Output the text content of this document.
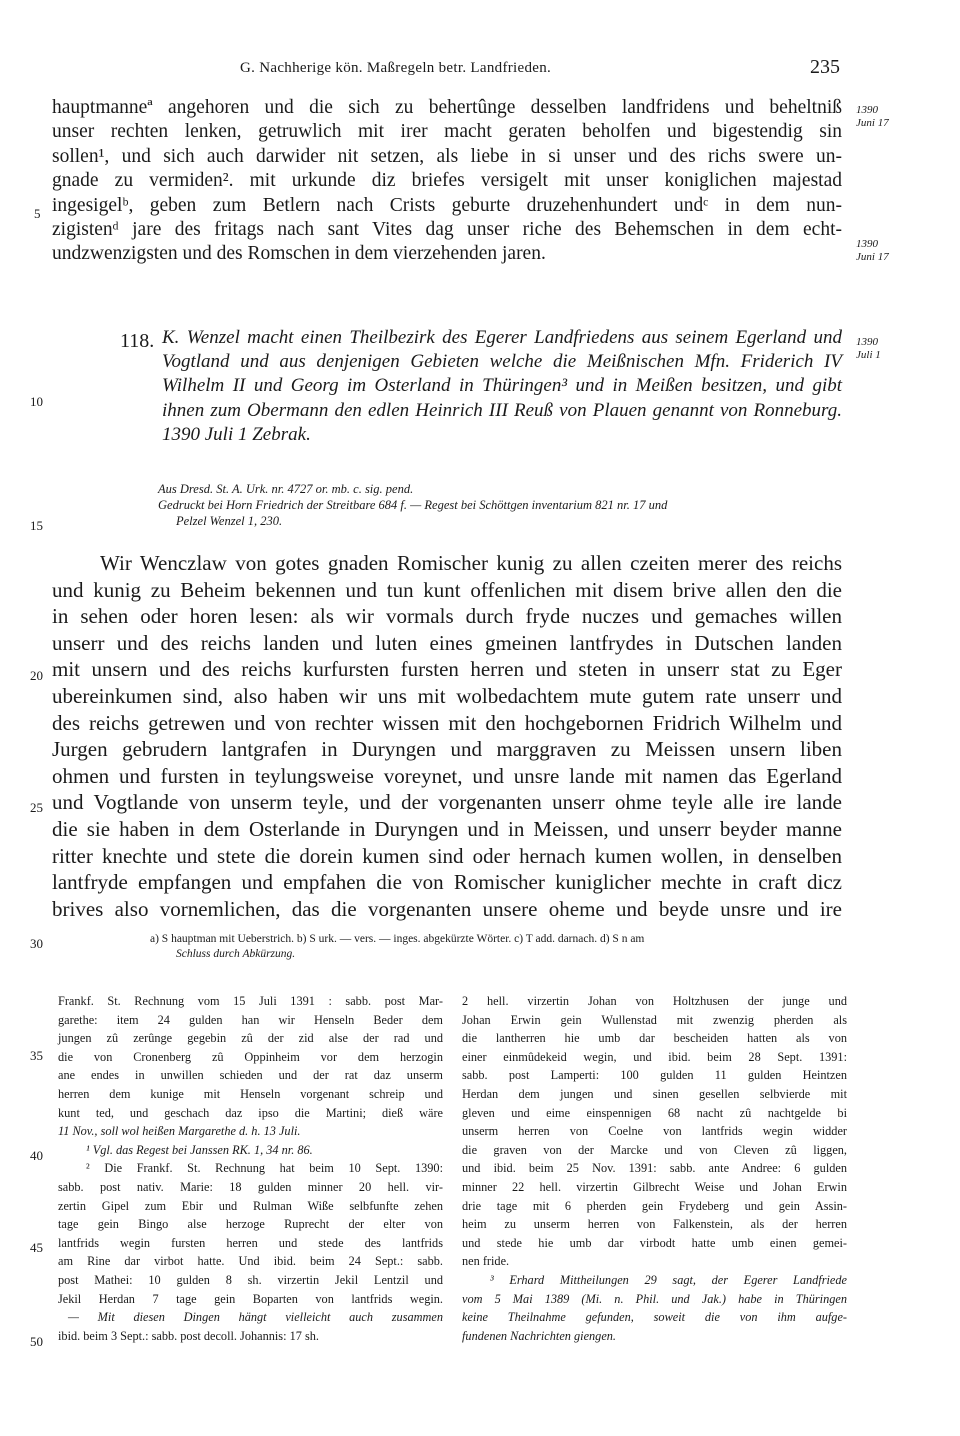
G. Nachherige kön. Maßregeln betr. Landfrieden.	235
hauptmanneª angehoren und die sich zu behertûnge desselben landfridens und beheltniß
unser rechten lenken, getruwlich mit irer macht geraten beholfen und bigestendig sin
sollen¹, und sich auch darwider nit setzen, als liebe in si unser und des richs swere un-
gnade zu vermiden². mit urkunde diz briefes versigelt mit unser koniglichen majestad
ingesigelᵇ, geben zum Betlern nach Crists geburte druzehenhundert undᶜ in dem nun-
zigistenᵈ jare des fritags nach sant Vites dag unser riche des Behemschen in dem echt-
undzwenzigsten und des Romschen in dem vierzehenden jaren.
1390
Juni 17
1390
Juni 17
1390
Juli 1
5
10
15
20
25
30
35
40
45
50
118. K. Wenzel macht einen Theilbezirk des Egerer Landfriedens aus seinem Egerland und
Vogtland und aus denjenigen Gebieten welche die Meißnischen Mfn. Friderich IV
Wilhelm II und Georg im Osterland in Thüringen³ und in Meißen besitzen, und gibt
ihnen zum Obermann den edlen Heinrich III Reuß von Plauen genannt von Ronneburg.
1390 Juli 1 Zebrak.
Aus Dresd. St. A. Urk. nr. 4727 or. mb. c. sig. pend.
Gedruckt bei Horn Friedrich der Streitbare 684 f. — Regest bei Schöttgen inventarium 821 nr. 17 und
Pelzel Wenzel 1, 230.
Wir Wenczlaw von gotes gnaden Romischer kunig zu allen czeiten merer des reichs
und kunig zu Beheim bekennen und tun kunt offenlichen mit disem brive allen den die
in sehen oder horen lesen: als wir vormals durch fryde nuczes und gemaches willen
unserr und des reichs landen und luten eines gmeinen lantfrydes in Dutschen landen
mit unsern und des reichs kurfursten fursten herren und steten in unserr stat zu Eger
ubereinkumen sind, also haben wir uns mit wolbedachtem mute gutem rate unserr und
des reichs getrewen und von rechter wissen mit den hochgebornen Fridrich Wilhelm und
Jurgen gebrudern lantgrafen in Duryngen und marggraven zu Meissen unsern liben
ohmen und fursten in teylungsweise voreynet, und unsre lande mit namen das Egerland
und Vogtlande von unserm teyle, und der vorgenanten unserr ohme teyle alle ire lande
die sie haben in dem Osterlande in Duryngen und in Meissen, und unserr beyder manne
ritter knechte und stete die dorein kumen sind oder hernach kumen wollen, in denselben
lantfryde empfangen und empfahen die von Romischer kuniglicher mechte in craft dicz
brives also vornemlichen, das die vorgenanten unsere oheme und beyde unsre und ire
a) S hauptman mit Ueberstrich. b) S urk. — vers. — inges. abgekürzte Wörter. c) T add. darnach. d) S n am
Schluss durch Abkürzung.
Frankf. St. Rechnung vom 15 Juli 1391 : sabb. post Mar-
garethe: item 24 gulden han wir Henseln Beder dem
jungen zû zerûnge gegebin zû der zid alse der rad und
die von Cronenberg zû Oppinheim vor dem herzogin
ane endes in unwillen schieden und der rat daz unserm
herren dem kunige mit Henseln vorgenant schreip und
kunt ted, und geschach daz ipso die Martini; dieß wäre
11 Nov., soll wol heißen Margarethe d. h. 13 Juli.
¹ Vgl. das Regest bei Janssen RK. 1, 34 nr. 86.
² Die Frankf. St. Rechnung hat beim 10 Sept. 1390:
sabb. post nativ. Marie: 18 gulden minner 20 hell. vir-
zertin Gipel zum Ebir und Rulman Wiße selbfunfte zehen
tage gein Bingo alse herzoge Ruprecht der elter von
lantfrids wegin fursten herren und stede des lantfrids
am Rine dar virbot hatte. Und ibid. beim 24 Sept.: sabb.
post Mathei: 10 gulden 8 sh. virzertin Jekil Lentzil und
Jekil Herdan 7 tage gein Boparten von lantfrids wegin.
— Mit diesen Dingen hängt vielleicht auch zusammen
ibid. beim 3 Sept.: sabb. post decoll. Johannis: 17 sh.
2 hell. virzertin Johan von Holtzhusen der junge und
Johan Erwin gein Wullenstad mit zwenzig pherden als
die lantherren hie umb dar bescheiden hatten als von
einer einmûdekeid wegin, und ibid. beim 28 Sept. 1391:
sabb. post Lamperti: 100 gulden 11 gulden Heintzen
Herdan dem jungen und sinen gesellen selbvierde mit
gleven und eime einspennigen 68 nacht zû nachtgelde bi
unserm herren von Coelne von lantfrids wegin widder
die graven von der Marcke und von Cleven zû liggen,
und ibid. beim 25 Nov. 1391: sabb. ante Andree: 6 gulden
minner 22 hell. virzertin Gilbrecht Weise und Johan Erwin
drie tage mit 6 pherden gein Frydeberg und gein Assin-
heim zu unserm herren von Falkenstein, als der herren
und stede hie umb dar virbodt hatte umb einen gemei-
nen fride.
³ Erhard Mittheilungen 29 sagt, der Egerer Landfriede
vom 5 Mai 1389 (Mi. n. Phil. und Jak.) habe in Thüringen
keine Theilnahme gefunden, soweit die von ihm aufge-
fundenen Nachrichten giengen.
